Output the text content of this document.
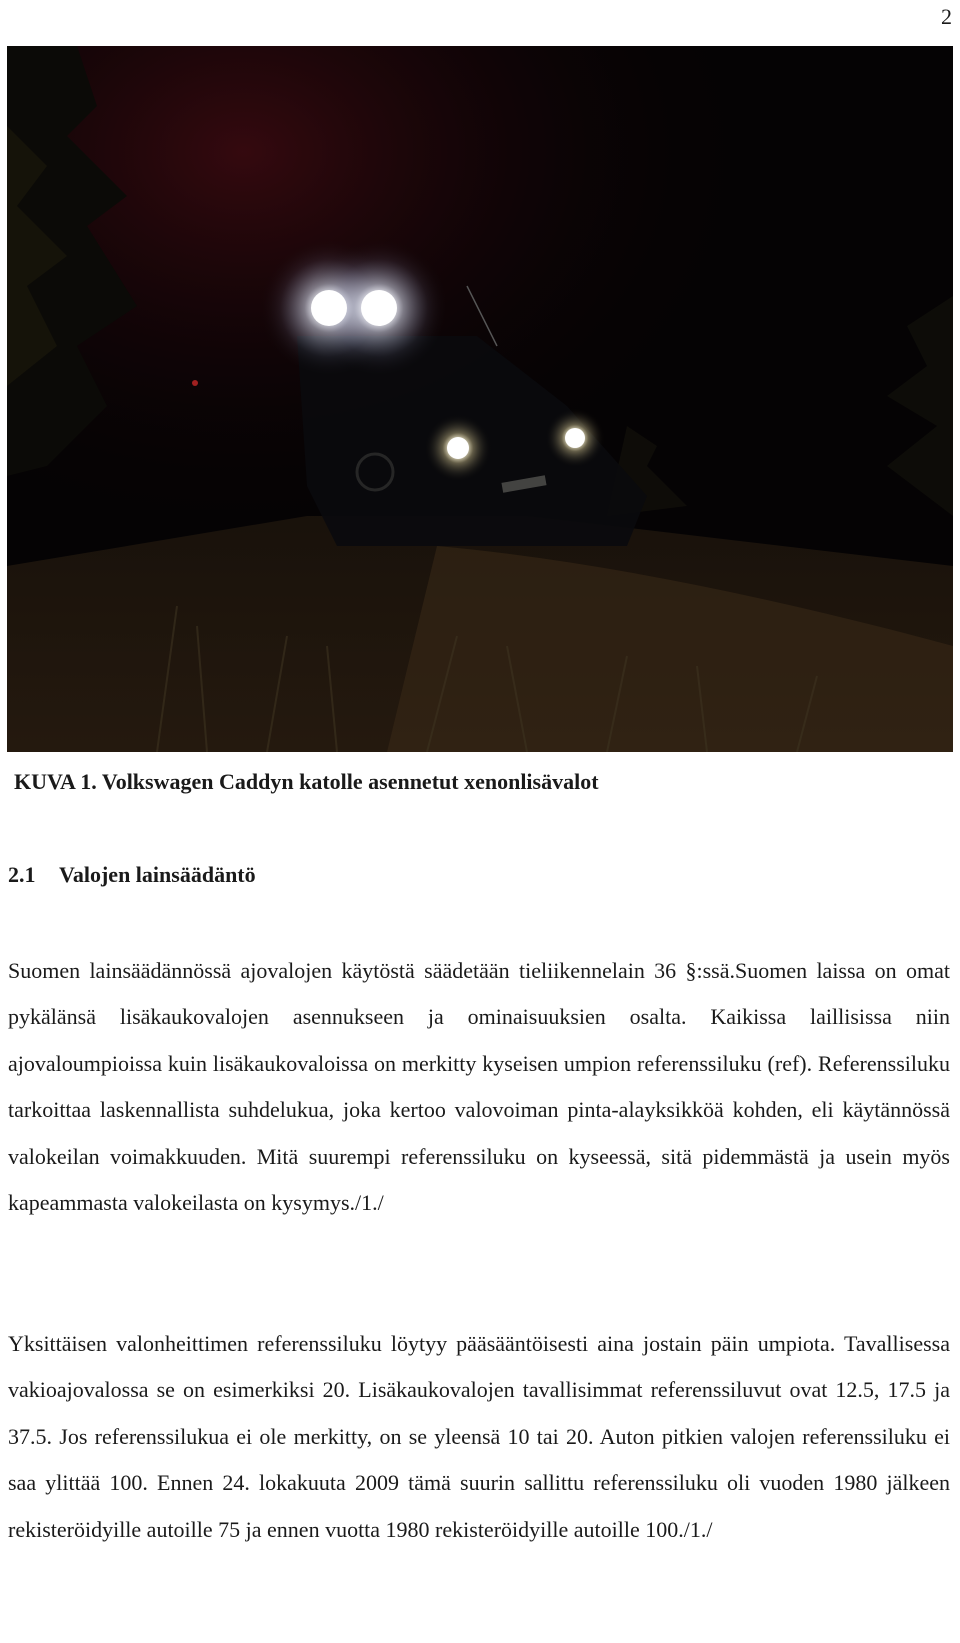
2
KUVA 1. Volkswagen Caddyn katolle asennetut xenonlisävalot
2.1 Valojen lainsäädäntö

Suomen lainsäädännössä ajovalojen käytöstä säädetään tieliikennelain 36 §:ssä.Suomen laissa on omat pykälänsä lisäkaukovalojen asennukseen ja ominaisuuksien osalta. Kaikissa laillisissa niin ajovaloumpioissa kuin lisäkaukovaloissa on merkitty kyseisen umpion referenssiluku (ref). Referenssiluku tarkoittaa laskennallista suhdelukua, joka kertoo valovoiman pinta-alayksikköä kohden, eli käytännössä valokeilan voimakkuuden. Mitä suurempi referenssiluku on kyseessä, sitä pidemmästä ja usein myös kapeammasta valokeilasta on kysymys./1./

Yksittäisen valonheittimen referenssiluku löytyy pääsääntöisesti aina jostain päin umpiota. Tavallisessa vakioajovalossa se on esimerkiksi 20. Lisäkaukovalojen tavallisimmat referenssiluvut ovat 12.5, 17.5 ja 37.5. Jos referenssilukua ei ole merkitty, on se yleensä 10 tai 20. Auton pitkien valojen referenssiluku ei saa ylittää 100. Ennen 24. lokakuuta 2009 tämä suurin sallittu referenssiluku oli vuoden 1980 jälkeen rekisteröidyille autoille 75 ja ennen vuotta 1980 rekisteröidyille autoille 100./1./
